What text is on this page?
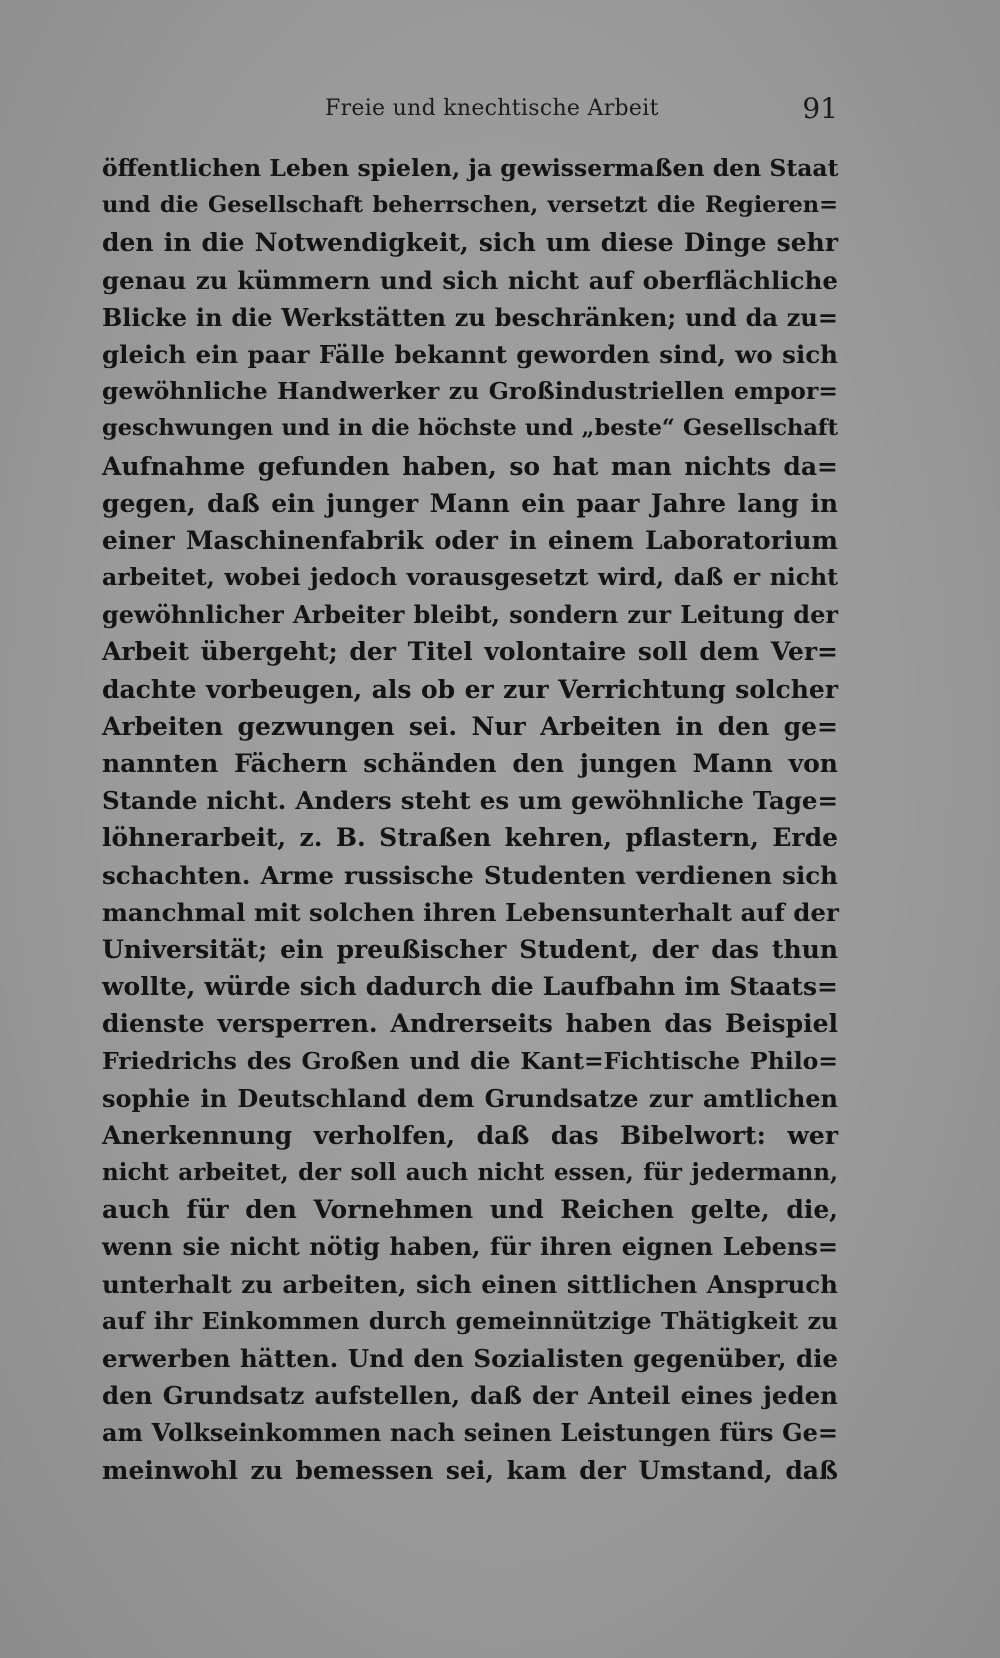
Freie und knechtische Arbeit	91
öffentlichen Leben spielen, ja gewissermaßen den Staat
und die Gesellschaft beherrschen, versetzt die Regieren=
den in die Notwendigkeit, sich um diese Dinge sehr
genau zu kümmern und sich nicht auf oberflächliche
Blicke in die Werkstätten zu beschränken; und da zu=
gleich ein paar Fälle bekannt geworden sind, wo sich
gewöhnliche Handwerker zu Großindustriellen empor=
geschwungen und in die höchste und „beste“ Gesellschaft
Aufnahme gefunden haben, so hat man nichts da=
gegen, daß ein junger Mann ein paar Jahre lang in
einer Maschinenfabrik oder in einem Laboratorium
arbeitet, wobei jedoch vorausgesetzt wird, daß er nicht
gewöhnlicher Arbeiter bleibt, sondern zur Leitung der
Arbeit übergeht; der Titel volontaire soll dem Ver=
dachte vorbeugen, als ob er zur Verrichtung solcher
Arbeiten gezwungen sei. Nur Arbeiten in den ge=
nannten Fächern schänden den jungen Mann von
Stande nicht. Anders steht es um gewöhnliche Tage=
löhnerarbeit, z. B. Straßen kehren, pflastern, Erde
schachten. Arme russische Studenten verdienen sich
manchmal mit solchen ihren Lebensunterhalt auf der
Universität; ein preußischer Student, der das thun
wollte, würde sich dadurch die Laufbahn im Staats=
dienste versperren. Andrerseits haben das Beispiel
Friedrichs des Großen und die Kant=Fichtische Philo=
sophie in Deutschland dem Grundsatze zur amtlichen
Anerkennung verholfen, daß das Bibelwort: wer
nicht arbeitet, der soll auch nicht essen, für jedermann,
auch für den Vornehmen und Reichen gelte, die,
wenn sie nicht nötig haben, für ihren eignen Lebens=
unterhalt zu arbeiten, sich einen sittlichen Anspruch
auf ihr Einkommen durch gemeinnützige Thätigkeit zu
erwerben hätten. Und den Sozialisten gegenüber, die
den Grundsatz aufstellen, daß der Anteil eines jeden
am Volkseinkommen nach seinen Leistungen fürs Ge=
meinwohl zu bemessen sei, kam der Umstand, daß
